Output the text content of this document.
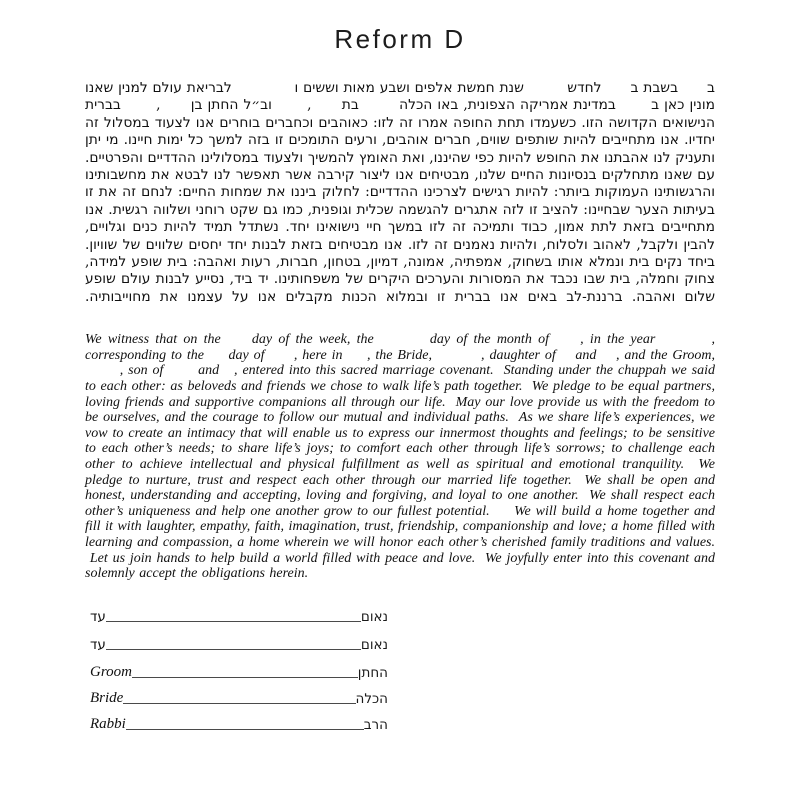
Reform D
ב      בשבת ב      לחדש         שנת חמשת אלפים ושבע מאות וששים ו             לבריאת עולם למנין שאנו מונין כאן ב       במדינת אמריקה הצפונית, באו הכלה        בת      ,       וב״ל החתן בן      ,       בברית הנישואים הקדושה הזו. כשעמדו תחת החופה אמרו זה לזו: כאוהבים וכחברים בוחרים אנו לצעוד במסלול זה יחדיו. אנו מתחייבים להיות שותפים שווים, חברים אוהבים, ורעים התומכים זו בזה למשך כל ימות חיינו. מי יתן ותעניק לנו אהבתנו את החופש להיות כפי שהיננו, ואת האומץ להמשיך ולצעוד במסלולינו ההדדיים והפרטיים. עם שאנו מתחלקים בנסיונות החיים שלנו, מבטיחים אנו ליצור קירבה אשר תאפשר לנו לבטא את מחשבותינו והרגשותינו העמוקות ביותר: להיות רגישים לצרכינו ההדדיים: לחלוק ביננו את שמחות החיים: לנחם זה את זו בעיתות הצער שבחיינו: להציב זו לזה אתגרים להגשמה שכלית וגופנית, כמו גם שקט רוחני ושלווה רגשית. אנו מתחייבים בזאת לתת אמון, כבוד ותמיכה זה לזו במשך חיי נישואינו יחד. נשתדל תמיד להיות כנים וגלויים, להבין ולקבל, לאהוב ולסלוח, ולהיות נאמנים זה לזו. אנו מבטיחים בזאת לבנות יחד יחסים שלווים של שוויון. ביחד נקים בית ונמלא אותו בשחוק, אמפתיה, אמונה, דמיון, בטחון, חברות, רעות ואהבה: בית שופע למידה, צחוק וחמלה, בית שבו נכבד את המסורות והערכים היקרים של משפחותינו. יד ביד, נסייע לבנות עולם שופע שלום ואהבה. ברננת-לב באים אנו בברית זו ובמלוא הכנות מקבלים אנו על עצמנו את מחוייבותיה.
We witness that on the     day of the week, the         day of the month of     , in the year         , corresponding to the     day of      , here in     , the Bride,          , daughter of    and    , and the Groom,        , son of       and   , entered into this sacred marriage covenant.  Standing under the chuppah we said to each other: as beloveds and friends we chose to walk life’s path together.  We pledge to be equal partners, loving friends and supportive companions all through our life.  May our love provide us with the freedom to be ourselves, and the courage to follow our mutual and individual paths.  As we share life’s experiences, we vow to create an intimacy that will enable us to express our innermost thoughts and feelings; to be sensitive to each other’s needs; to share life’s joys; to comfort each other through life’s sorrows; to challenge each other to achieve intellectual and physical fulfillment as well as spiritual and emotional tranquility.  We pledge to nurture, trust and respect each other through our married life together.  We shall be open and honest, understanding and accepting, loving and forgiving, and loyal to one another.  We shall respect each other’s uniqueness and help one another grow to our fullest potential.     We will build a home together and fill it with laughter, empathy, faith, imagination, trust, friendship, companionship and love; a home filled with learning and compassion, a home wherein we will honor each other’s cherished family traditions and values.  Let us join hands to help build a world filled with peace and love.  We joyfully enter into this covenant and solemnly accept the obligations herein.
עד	נאום
עד	נאום
Groom	החתן
Bride	הכלה
Rabbi	הרב
